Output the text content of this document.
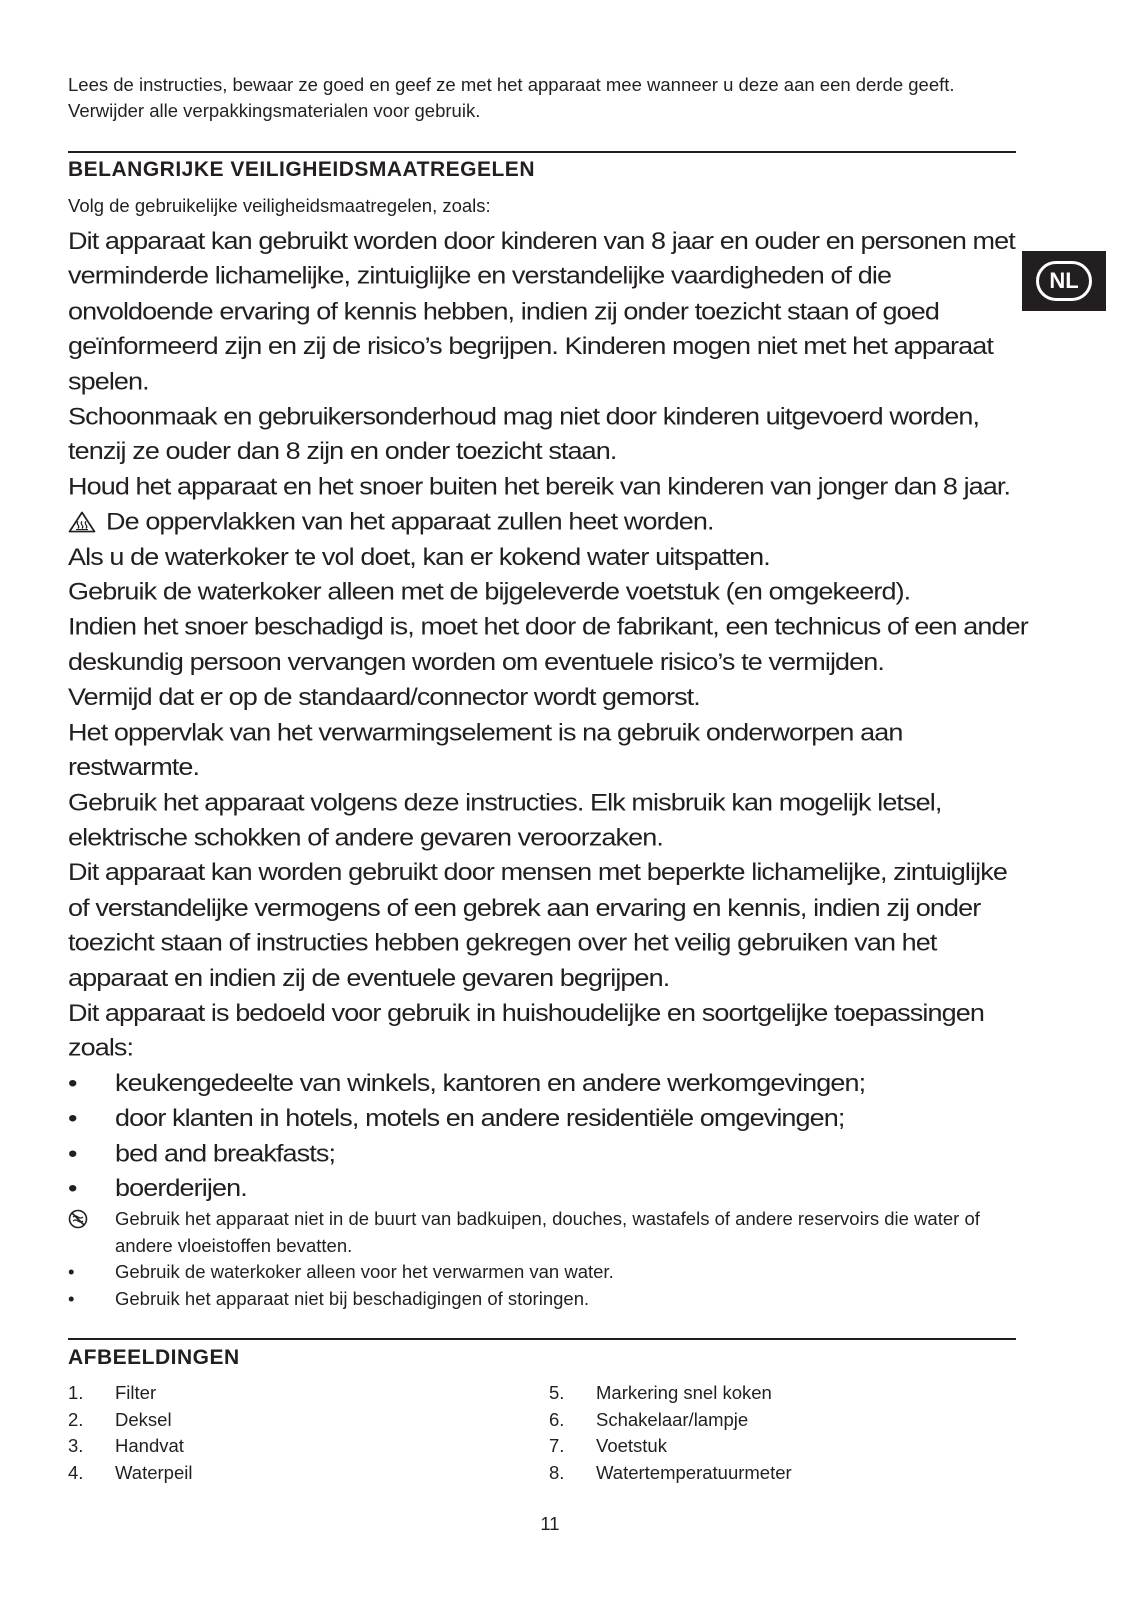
Lees de instructies, bewaar ze goed en geef ze met het apparaat mee wanneer u deze aan een derde geeft. Verwijder alle verpakkingsmaterialen voor gebruik.
BELANGRIJKE VEILIGHEIDSMAATREGELEN
Volg de gebruikelijke veiligheidsmaatregelen, zoals:

Dit apparaat kan gebruikt worden door kinderen van 8 jaar en ouder en personen met verminderde lichamelijke, zintuiglijke en verstandelijke vaardigheden of die onvoldoende ervaring of kennis hebben, indien zij onder toezicht staan of goed geïnformeerd zijn en zij de risico’s begrijpen. Kinderen mogen niet met het apparaat spelen.

Schoonmaak en gebruikersonderhoud mag niet door kinderen uitgevoerd worden, tenzij ze ouder dan 8 zijn en onder toezicht staan.

Houd het apparaat en het snoer buiten het bereik van kinderen van jonger dan 8 jaar.

De oppervlakken van het apparaat zullen heet worden.

Als u de waterkoker te vol doet, kan er kokend water uitspatten.

Gebruik de waterkoker alleen met de bijgeleverde voetstuk (en omgekeerd).

Indien het snoer beschadigd is, moet het door de fabrikant, een technicus of een ander deskundig persoon vervangen worden om eventuele risico’s te vermijden.

Vermijd dat er op de standaard/connector wordt gemorst.

Het oppervlak van het verwarmingselement is na gebruik onderworpen aan restwarmte.

Gebruik het apparaat volgens deze instructies. Elk misbruik kan mogelijk letsel, elektrische schokken of andere gevaren veroorzaken.

Dit apparaat kan worden gebruikt door mensen met beperkte lichamelijke, zintuiglijke of verstandelijke vermogens of een gebrek aan ervaring en kennis, indien zij onder toezicht staan of instructies hebben gekregen over het veilig gebruiken van het apparaat en indien zij de eventuele gevaren begrijpen.

Dit apparaat is bedoeld voor gebruik in huishoudelijke en soortgelijke toepassingen zoals:

•	keukengedeelte van winkels, kantoren en andere werkomgevingen;
•	door klanten in hotels, motels en andere residentiële omgevingen;
•	bed and breakfasts;
•	boerderijen.
Gebruik het apparaat niet in de buurt van badkuipen, douches, wastafels of andere reservoirs die water of andere vloeistoffen bevatten.
•	Gebruik de waterkoker alleen voor het verwarmen van water.
•	Gebruik het apparaat niet bij beschadigingen of storingen.
NL
AFBEELDINGEN
1.	Filter
2.	Deksel
3.	Handvat
4.	Waterpeil
5.	Markering snel koken
6.	Schakelaar/lampje
7.	Voetstuk
8.	Watertemperatuurmeter
11
